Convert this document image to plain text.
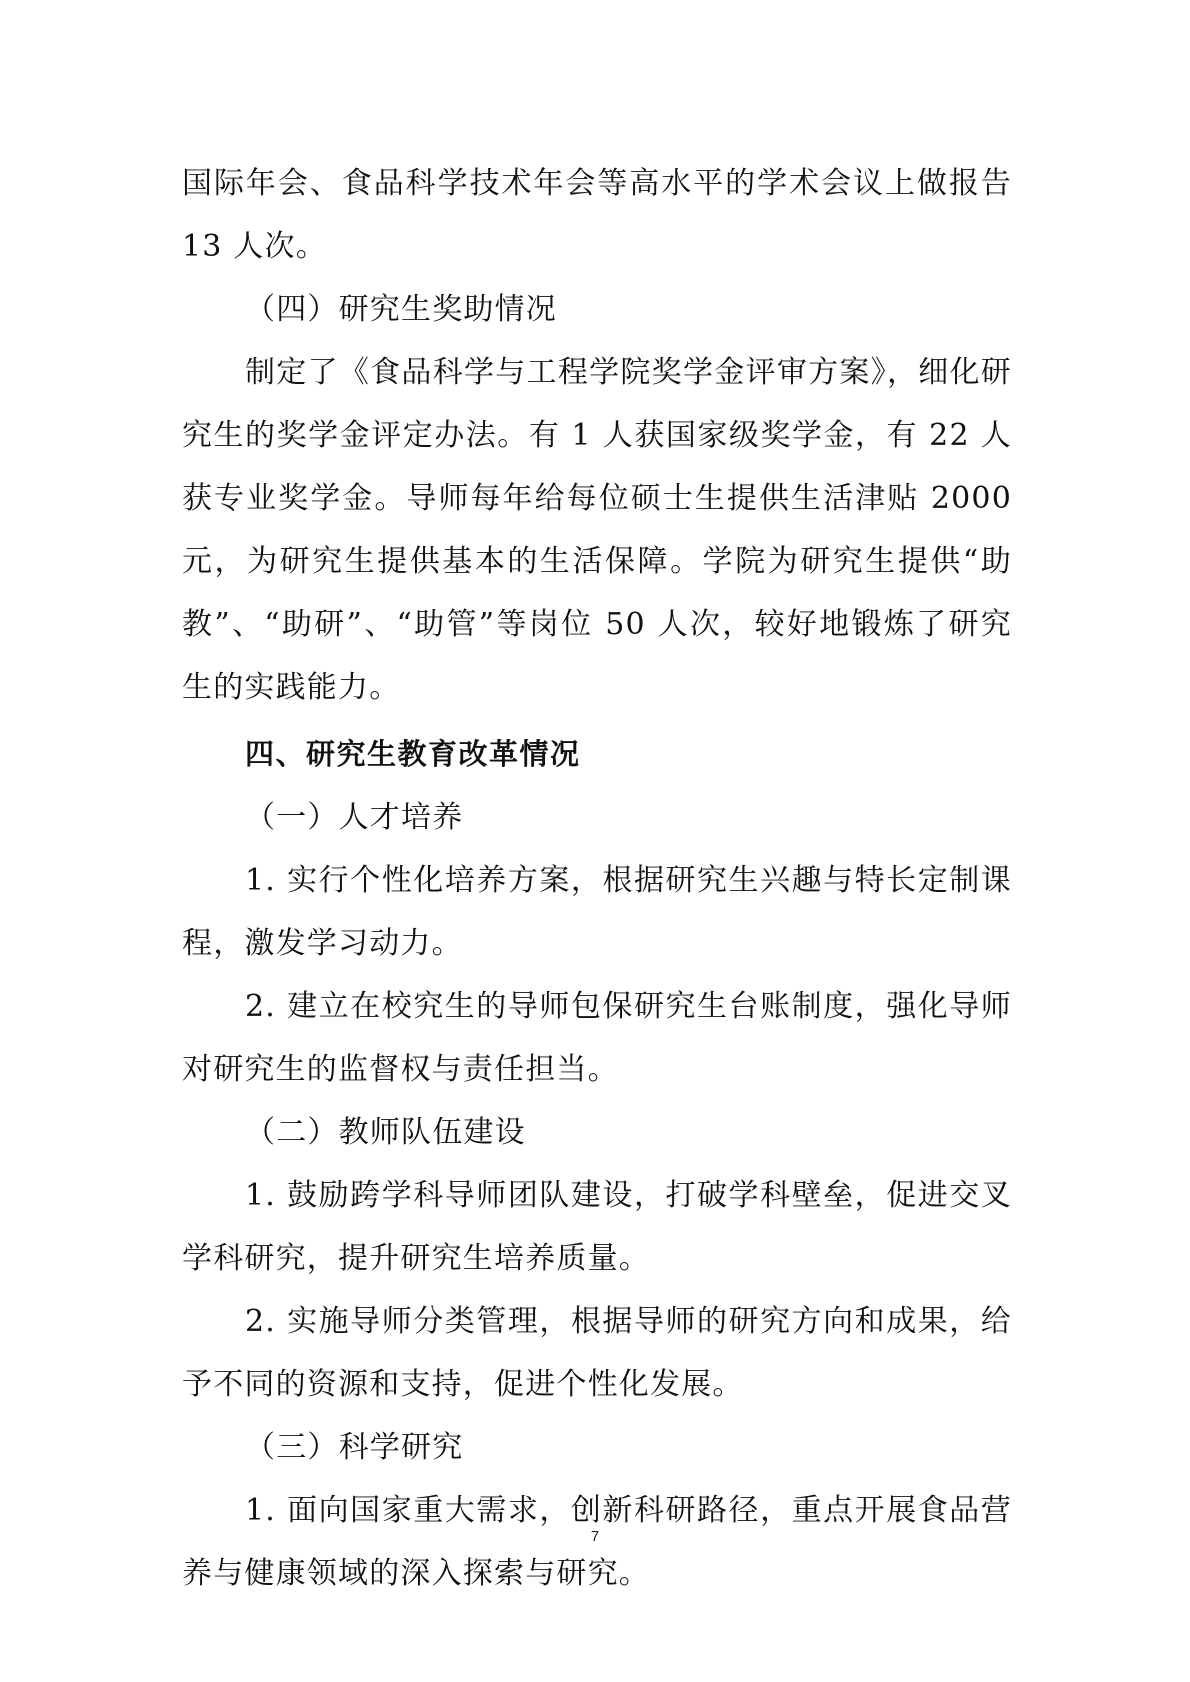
国际年会、食品科学技术年会等高水平的学术会议上做报告13 人次。

（四）研究生奖助情况

制定了《食品科学与工程学院奖学金评审方案》，细化研究生的奖学金评定办法。有 1 人获国家级奖学金，有 22 人获专业奖学金。导师每年给每位硕士生提供生活津贴 2000 元，为研究生提供基本的生活保障。学院为研究生提供“助教”、“助研”、“助管”等岗位 50 人次，较好地锻炼了研究生的实践能力。

四、研究生教育改革情况

（一）人才培养

1. 实行个性化培养方案，根据研究生兴趣与特长定制课程，激发学习动力。

2. 建立在校究生的导师包保研究生台账制度，强化导师对研究生的监督权与责任担当。

（二）教师队伍建设

1. 鼓励跨学科导师团队建设，打破学科壁垒，促进交叉学科研究，提升研究生培养质量。

2. 实施导师分类管理，根据导师的研究方向和成果，给予不同的资源和支持，促进个性化发展。

（三）科学研究

1. 面向国家重大需求，创新科研路径，重点开展食品营养与健康领域的深入探索与研究。

7
